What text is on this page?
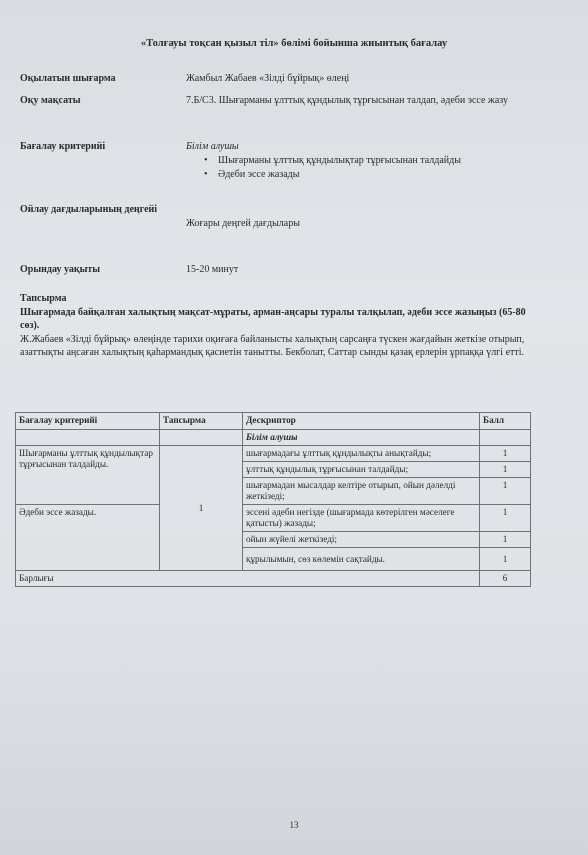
«Толғауы тоқсан қызыл тіл» бөлімі бойынша жиынтық бағалау
Оқылатын шығарма	Жамбыл Жабаев «Зілді бұйрық» өлеңі
Оқу мақсаты	7.Б/С3. Шығарманы ұлттық құндылық тұрғысынан талдап, әдеби эссе жазу
Бағалау критерийі	Білім алушы
• Шығарманы ұлттық құндылықтар тұрғысынан талдайды
• Әдеби эссе жазады
Ойлау дағдыларының деңгейі
Жоғары деңгей дағдылары
Орындау уақыты	15-20 минут
Тапсырма
Шығармада байқалған халықтың мақсат-мұраты, арман-аңсары туралы талқылап, әдеби эссе жазыңыз (65-80 сөз).
Ж.Жабаев «Зілді бұйрық» өлеңінде тарихи оқиғаға байланысты халықтың сарсаңға түскен жағдайын жеткізе отырып, азаттықты аңсаған халықтың қаһармандық қасиетін танытты. Бекболат, Саттар сынды қазақ ерлерін ұрпаққа үлгі етті.
Бағалау критерийі	Тапсырма	Дескриптор	Балл
		Білім алушы	
Шығарманы ұлттық құндылықтар тұрғысынан талдайды.	1	шығармадағы ұлттық құндылықты анықтайды;	1
		ұлттық құндылық тұрғысынан талдайды;	1
		шығармадан мысалдар келтіре отырып, ойын дәлелді жеткізеді;	1
Әдеби эссе жазады.		эссені әдеби негізде (шығармада көтерілген мәселеге қатысты) жазады;	1
		ойын жүйелі жеткізеді;	1
		құрылымын, сөз көлемін сақтайды.	1
Барлығы			6
13
